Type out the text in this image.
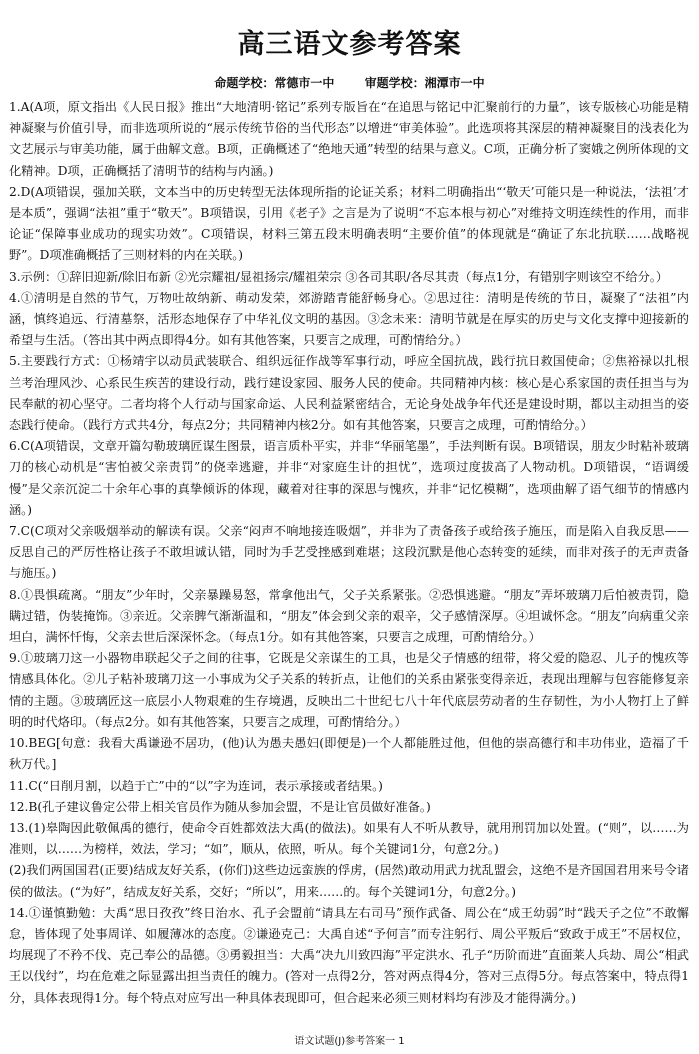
高三语文参考答案
命题学校：常德市一中 审题学校：湘潭市一中

1.A(A项，原文指出《人民日报》推出“大地清明·铭记”系列专版旨在“在追思与铭记中汇聚前行的力量”，该专版核心功能是精神凝聚与价值引导，而非选项所说的“展示传统节俗的当代形态”以增进“审美体验”。此选项将其深层的精神凝聚目的浅表化为文艺展示与审美功能，属于曲解文意。B项，正确概述了“绝地天通”转型的结果与意义。C项，正确分析了窦娥之例所体现的文化精神。D项，正确概括了清明节的结构与内涵。)

2.D(A项错误，强加关联，文本当中的历史转型无法体现所指的论证关系；材料二明确指出“‘敬天’可能只是一种说法，‘法祖’才是本质”，强调“法祖”重于“敬天”。B项错误，引用《老子》之言是为了说明“不忘本根与初心”对维持文明连续性的作用，而非论证“保障事业成功的现实功效”。C项错误，材料三第五段末明确表明“主要价值”的体现就是“确证了东北抗联……战略视野”。D项准确概括了三则材料的内在关联。)

3.示例：①辞旧迎新/除旧布新 ②光宗耀祖/显祖扬宗/耀祖荣宗 ③各司其职/各尽其责（每点1分，有错别字则该空不给分。）

4.①清明是自然的节气，万物吐故纳新、萌动发荣，郊游踏青能舒畅身心。②思过往：清明是传统的节日，凝聚了“法祖”内涵，慎终追远、行清墓祭，活形态地保存了中华礼仪文明的基因。③念未来：清明节就是在厚实的历史与文化支撑中迎接新的希望与生活。（答出其中两点即得4分。如有其他答案，只要言之成理，可酌情给分。）

5.主要践行方式：①杨靖宇以动员武装联合、组织远征作战等军事行动，呼应全国抗战，践行抗日救国使命；②焦裕禄以扎根兰考治理风沙、心系民生疾苦的建设行动，践行建设家园、服务人民的使命。共同精神内核：核心是心系家国的责任担当与为民奉献的初心坚守。二者均将个人行动与国家命运、人民利益紧密结合，无论身处战争年代还是建设时期，都以主动担当的姿态践行使命。（践行方式共4分，每点2分；共同精神内核2分。如有其他答案，只要言之成理，可酌情给分。）

6.C(A项错误，文章开篇勾勒玻璃匠谋生图景，语言质朴平实，并非“华丽笔墨”，手法判断有误。B项错误，朋友少时粘补玻璃刀的核心动机是“害怕被父亲责罚”的侥幸逃避，并非“对家庭生计的担忧”，选项过度拔高了人物动机。D项错误，“语调缓慢”是父亲沉淀二十余年心事的真挚倾诉的体现，藏着对往事的深思与愧疚，并非“记忆模糊”，选项曲解了语气细节的情感内涵。)

7.C(C项对父亲吸烟举动的解读有误。父亲“闷声不响地接连吸烟”，并非为了责备孩子或给孩子施压，而是陷入自我反思——反思自己的严厉性格让孩子不敢坦诚认错，同时为手艺受挫感到难堪；这段沉默是他心态转变的延续，而非对孩子的无声责备与施压。)

8.①畏惧疏离。“朋友”少年时，父亲暴躁易怒，常拿他出气，父子关系紧张。②恐惧逃避。“朋友”弄坏玻璃刀后怕被责罚，隐瞒过错，伪装掩饰。③亲近。父亲脾气渐渐温和，“朋友”体会到父亲的艰辛，父子感情深厚。④坦诚怀念。“朋友”向病重父亲坦白，满怀忏悔，父亲去世后深深怀念。（每点1分。如有其他答案，只要言之成理，可酌情给分。）

9.①玻璃刀这一小器物串联起父子之间的往事，它既是父亲谋生的工具，也是父子情感的纽带，将父爱的隐忍、儿子的愧疚等情感具体化。②儿子粘补玻璃刀这一小事成为父子关系的转折点，让他们的关系由紧张变得亲近，表现出理解与包容能修复亲情的主题。③玻璃匠这一底层小人物艰难的生存境遇，反映出二十世纪七八十年代底层劳动者的生存韧性，为小人物打上了鲜明的时代烙印。（每点2分。如有其他答案，只要言之成理，可酌情给分。）

10.BEG[句意：我看大禹谦逊不居功，(他)认为愚夫愚妇(即便是)一个人都能胜过他，但他的崇高德行和丰功伟业，造福了千秋万代。]

11.C(“日削月割，以趋于亡”中的“以”字为连词，表示承接或者结果。)

12.B(孔子建议鲁定公带上相关官员作为随从参加会盟，不是让官员做好准备。)

13.(1)皋陶因此敬佩禹的德行，使命令百姓都效法大禹(的做法)。如果有人不听从教导，就用刑罚加以处置。(“则”，以……为准则，以……为榜样，效法，学习；“如”，顺从，依照，听从。每个关键词1分，句意2分。)
(2)我们两国国君(正要)结成友好关系，(你们)这些边远蛮族的俘虏，(居然)敢动用武力扰乱盟会，这绝不是齐国国君用来号令诸侯的做法。(“为好”，结成友好关系，交好；“所以”，用来……的。每个关键词1分，句意2分。)

14.①谨慎勤勉：大禹“思日孜孜”终日治水、孔子会盟前“请具左右司马”预作武备、周公在“成王幼弱”时“践天子之位”不敢懈怠，皆体现了处事周详、如履薄冰的态度。②谦逊克己：大禹自述“予何言”而专注躬行、周公平叛后“致政于成王”不居权位，均展现了不矜不伐、克己奉公的品德。③勇毅担当：大禹“决九川致四海”平定洪水、孔子“历阶而进”直面莱人兵劫、周公“相武王以伐纣”，均在危难之际显露出担当责任的魄力。(答对一点得2分，答对两点得4分，答对三点得5分。每点答案中，特点得1分，具体表现得1分。每个特点对应写出一种具体表现即可，但合起来必须三则材料均有涉及才能得满分。)

语文试题(J)参考答案一 1
